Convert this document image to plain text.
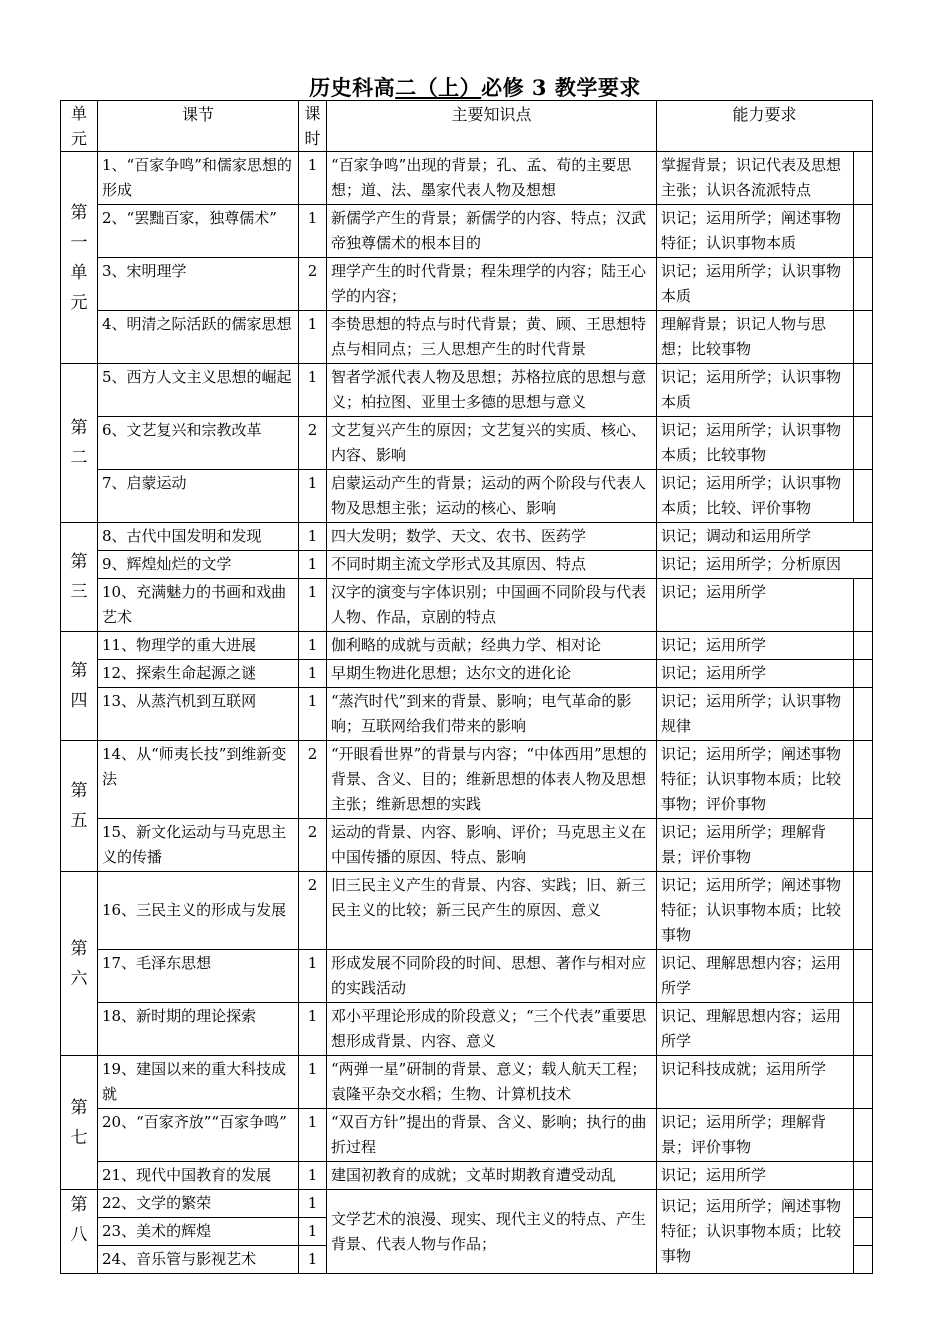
历史科高二（上）必修 3 教学要求
单元	课节	课时	主要知识点	能力要求	
第一单元	1、“百家争鸣”和儒家思想的形成	1	“百家争鸣”出现的背景；孔、孟、荀的主要思想；道、法、墨家代表人物及想想	掌握背景；识记代表及思想主张；认识各流派特点	
	2、“罢黜百家，独尊儒术”	1	新儒学产生的背景；新儒学的内容、特点；汉武帝独尊儒术的根本目的	识记；运用所学；阐述事物特征；认识事物本质	
	3、宋明理学	2	理学产生的时代背景；程朱理学的内容；陆王心学的内容；	识记；运用所学；认识事物本质	
	4、明清之际活跃的儒家思想	1	李贽思想的特点与时代背景；黄、顾、王思想特点与相同点；三人思想产生的时代背景	理解背景；识记人物与思想；比较事物	
第二	5、西方人文主义思想的崛起	1	智者学派代表人物及思想；苏格拉底的思想与意义；柏拉图、亚里士多德的思想与意义	识记；运用所学；认识事物本质	
	6、文艺复兴和宗教改革	2	文艺复兴产生的原因；文艺复兴的实质、核心、内容、影响	识记；运用所学；认识事物本质；比较事物	
	7、启蒙运动	1	启蒙运动产生的背景；运动的两个阶段与代表人物及思想主张；运动的核心、影响	识记；运用所学；认识事物本质；比较、评价事物	
第三	8、古代中国发明和发现	1	四大发明；数学、天文、农书、医药学	识记；调动和运用所学	
	9、辉煌灿烂的文学	1	不同时期主流文学形式及其原因、特点	识记；运用所学；分析原因	
	10、充满魅力的书画和戏曲艺术	1	汉字的演变与字体识别；中国画不同阶段与代表人物、作品，京剧的特点	识记；运用所学	
第四	11、物理学的重大进展	1	伽利略的成就与贡献；经典力学、相对论	识记；运用所学	
	12、探索生命起源之谜	1	早期生物进化思想；达尔文的进化论	识记；运用所学	
	13、从蒸汽机到互联网	1	“蒸汽时代”到来的背景、影响；电气革命的影响；互联网给我们带来的影响	识记；运用所学；认识事物规律	
第五	14、从“师夷长技”到维新变法	2	“开眼看世界”的背景与内容；“中体西用”思想的背景、含义、目的；维新思想的体表人物及思想主张；维新思想的实践	识记；运用所学；阐述事物特征；认识事物本质；比较事物；评价事物	
	15、新文化运动与马克思主义的传播	2	运动的背景、内容、影响、评价；马克思主义在中国传播的原因、特点、影响	识记；运用所学；理解背景；评价事物	
第六	16、三民主义的形成与发展	2	旧三民主义产生的背景、内容、实践；旧、新三民主义的比较；新三民产生的原因、意义	识记；运用所学；阐述事物特征；认识事物本质；比较事物	
	17、毛泽东思想	1	形成发展不同阶段的时间、思想、著作与相对应的实践活动	识记、理解思想内容；运用所学	
	18、新时期的理论探索	1	邓小平理论形成的阶段意义；“三个代表”重要思想形成背景、内容、意义	识记、理解思想内容；运用所学	
第七	19、建国以来的重大科技成就	1	“两弹一星”研制的背景、意义；载人航天工程；袁隆平杂交水稻；生物、计算机技术	识记科技成就；运用所学	
	20、“百家齐放”“百家争鸣”	1	“双百方针”提出的背景、含义、影响；执行的曲折过程	识记；运用所学；理解背景；评价事物	
	21、现代中国教育的发展	1	建国初教育的成就；文革时期教育遭受动乱	识记；运用所学	
第八	22、文学的繁荣	1	文学艺术的浪漫、现实、现代主义的特点、产生背景、代表人物与作品；	识记；运用所学；阐述事物特征；认识事物本质；比较事物	
	23、美术的辉煌	1			
	24、音乐管与影视艺术	1			
